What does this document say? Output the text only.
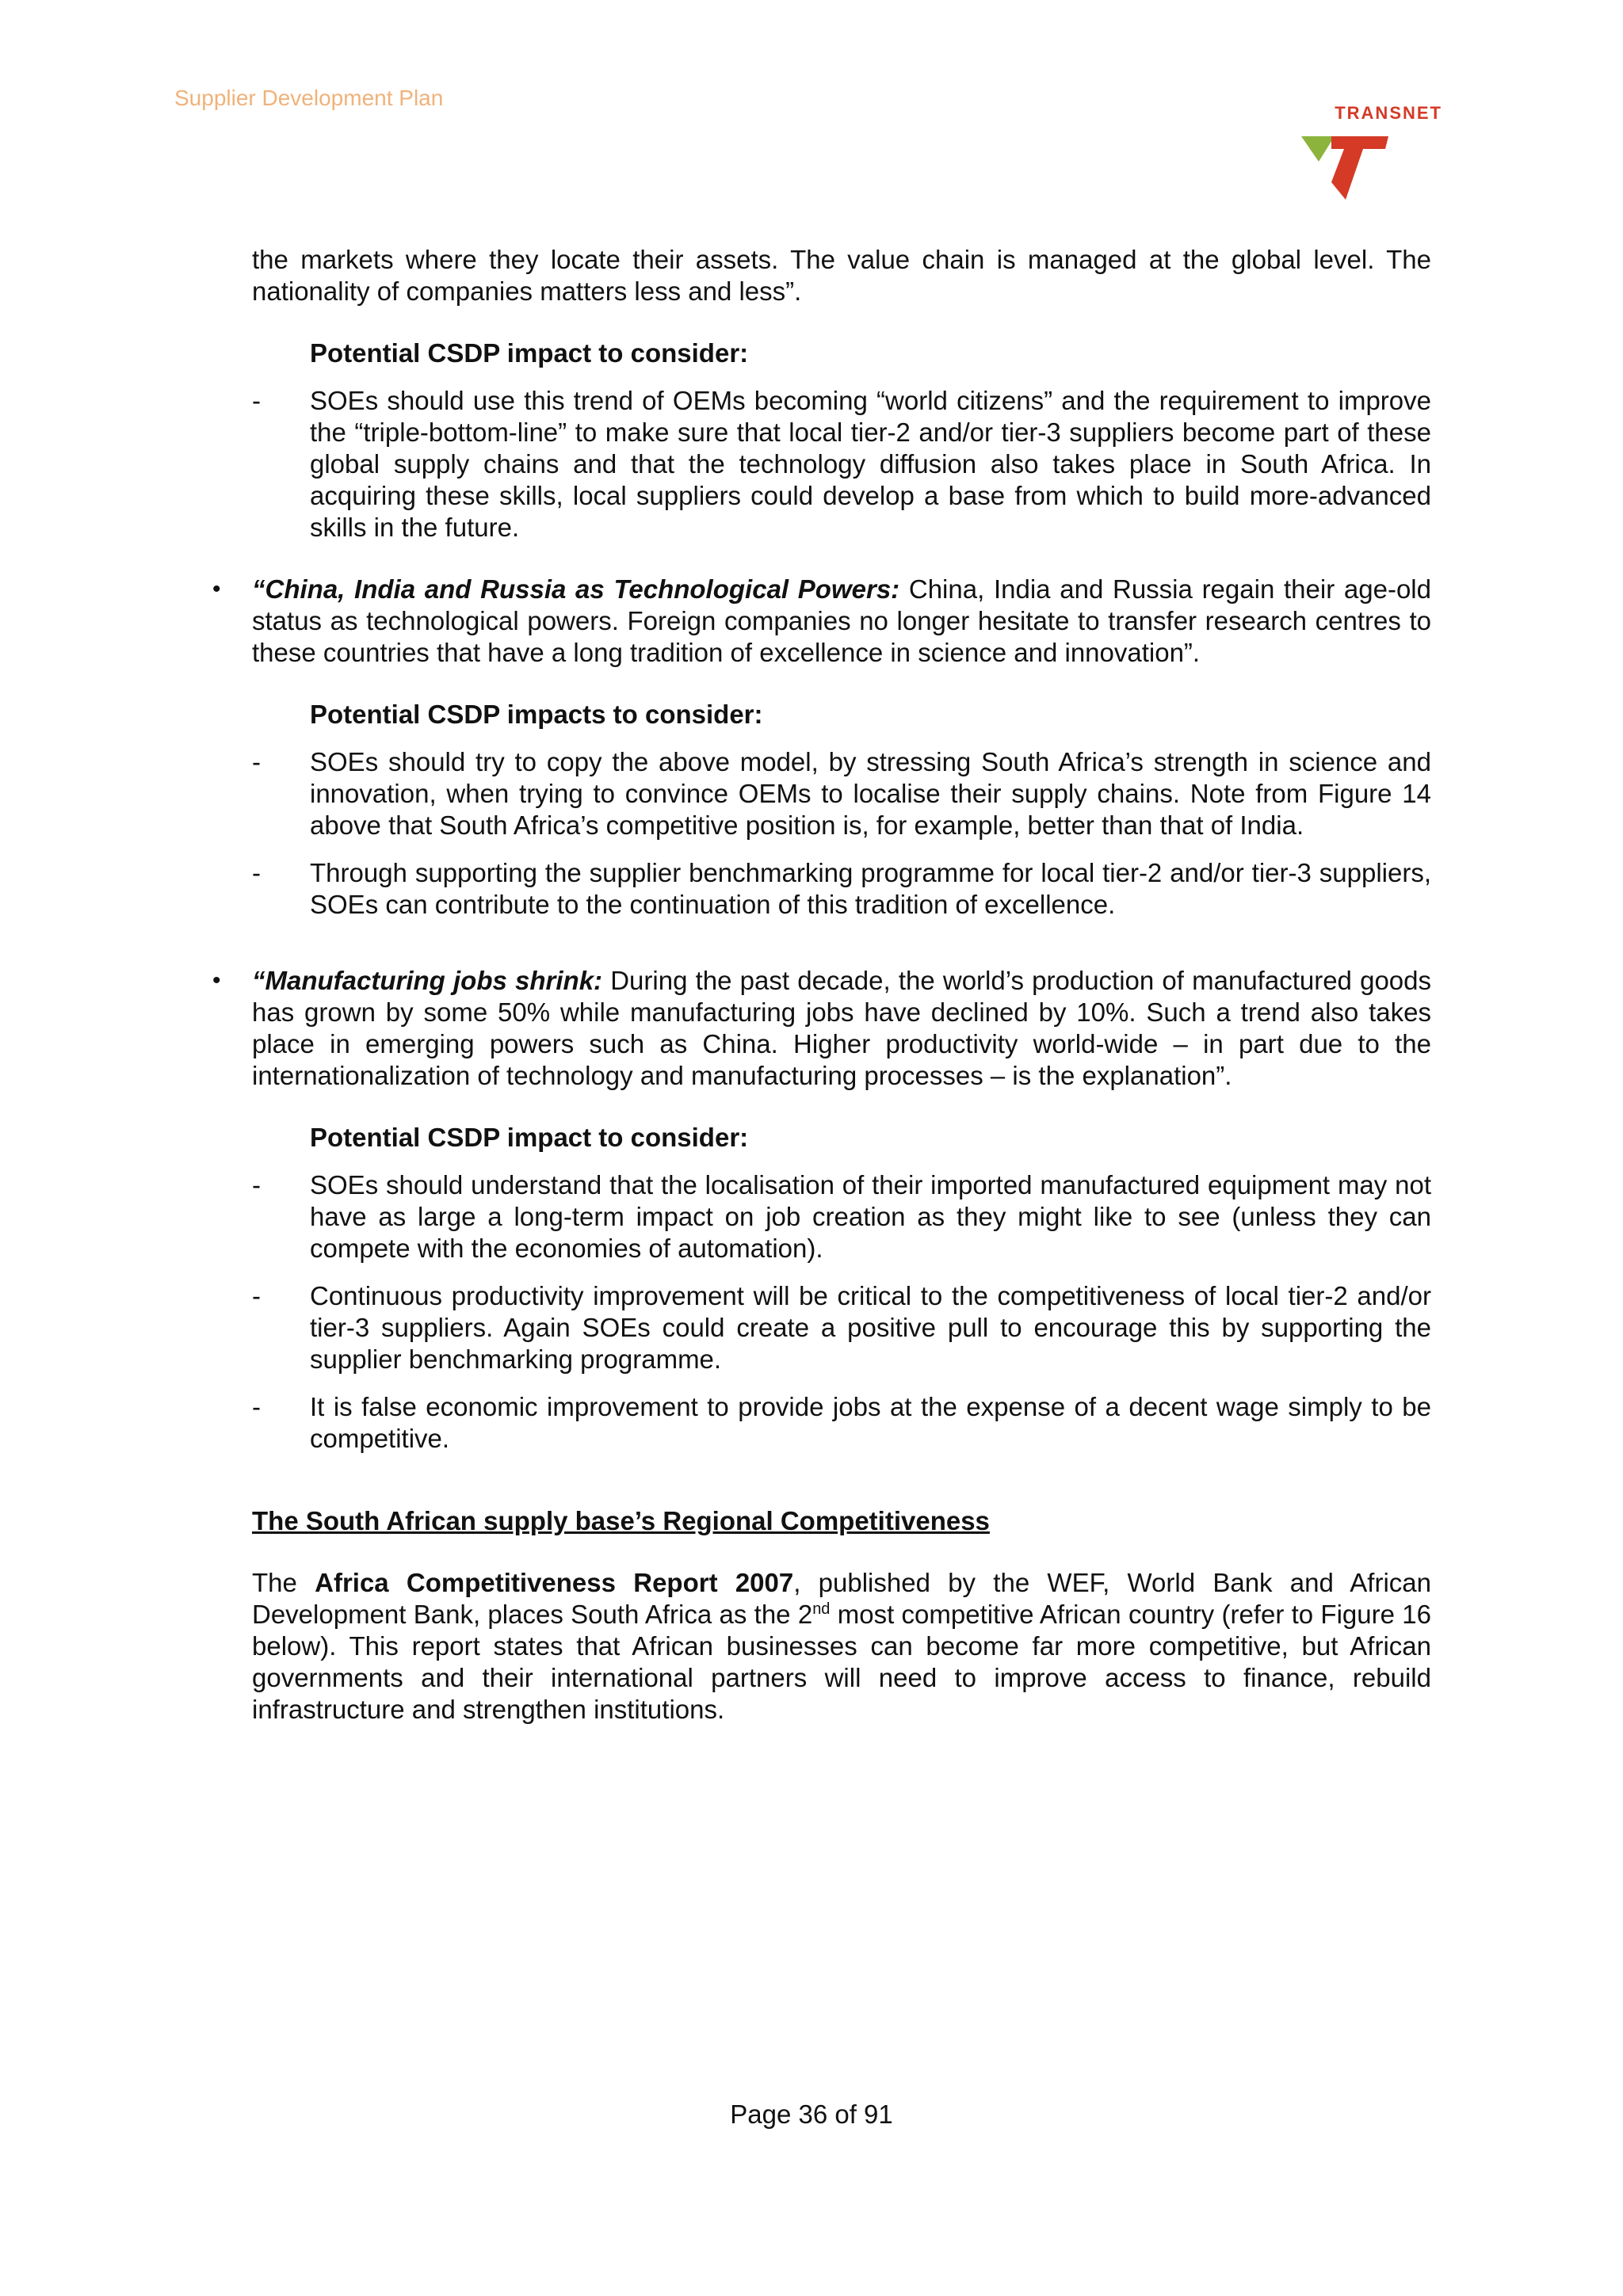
Supplier Development Plan
TRANSNET

the markets where they locate their assets. The value chain is managed at the global level. The nationality of companies matters less and less”.

Potential CSDP impact to consider:
- SOEs should use this trend of OEMs becoming “world citizens” and the requirement to improve the “triple-bottom-line” to make sure that local tier-2 and/or tier-3 suppliers become part of these global supply chains and that the technology diffusion also takes place in South Africa. In acquiring these skills, local suppliers could develop a base from which to build more-advanced skills in the future.
• “China, India and Russia as Technological Powers: China, India and Russia regain their age-old status as technological powers. Foreign companies no longer hesitate to transfer research centres to these countries that have a long tradition of excellence in science and innovation”.
Potential CSDP impacts to consider:
- SOEs should try to copy the above model, by stressing South Africa’s strength in science and innovation, when trying to convince OEMs to localise their supply chains. Note from Figure 14 above that South Africa’s competitive position is, for example, better than that of India.
- Through supporting the supplier benchmarking programme for local tier-2 and/or tier-3 suppliers, SOEs can contribute to the continuation of this tradition of excellence.
• “Manufacturing jobs shrink: During the past decade, the world’s production of manufactured goods has grown by some 50% while manufacturing jobs have declined by 10%. Such a trend also takes place in emerging powers such as China. Higher productivity world-wide – in part due to the internationalization of technology and manufacturing processes – is the explanation”.
Potential CSDP impact to consider:
- SOEs should understand that the localisation of their imported manufactured equipment may not have as large a long-term impact on job creation as they might like to see (unless they can compete with the economies of automation).
- Continuous productivity improvement will be critical to the competitiveness of local tier-2 and/or tier-3 suppliers. Again SOEs could create a positive pull to encourage this by supporting the supplier benchmarking programme.
- It is false economic improvement to provide jobs at the expense of a decent wage simply to be competitive.
The South African supply base’s Regional Competitiveness

The Africa Competitiveness Report 2007, published by the WEF, World Bank and African Development Bank, places South Africa as the 2nd most competitive African country (refer to Figure 16 below). This report states that African businesses can become far more competitive, but African governments and their international partners will need to improve access to finance, rebuild infrastructure and strengthen institutions.

Page 36 of 91
